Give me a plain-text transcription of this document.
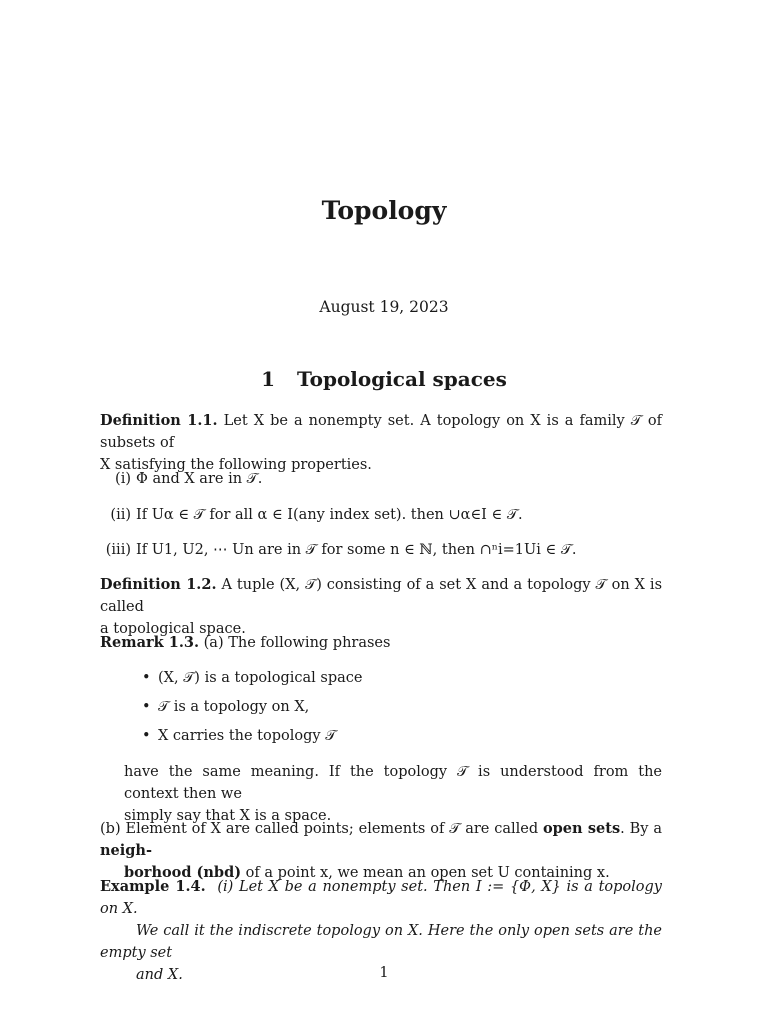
Topology
August 19, 2023
1 Topological spaces
Definition 1.1. Let X be a nonempty set. A topology on X is a family 𝒯 of subsets of
X satisfying the following properties.
(i) Φ and X are in 𝒯.
(ii) If Uα ∈ 𝒯 for all α ∈ I(any index set). then ∪α∈I ∈ 𝒯.
(iii) If U1, U2, ⋯ Un are in 𝒯 for some n ∈ ℕ, then ∩ⁿi=1Ui ∈ 𝒯.
Definition 1.2. A tuple (X, 𝒯) consisting of a set X and a topology 𝒯 on X is called
a topological space.
Remark 1.3. (a) The following phrases
• (X, 𝒯) is a topological space
• 𝒯 is a topology on X,
• X carries the topology 𝒯
have the same meaning. If the topology 𝒯 is understood from the context then we
simply say that X is a space.
(b) Element of X are called points; elements of 𝒯 are called open sets. By a neigh-
borhood (nbd) of a point x, we mean an open set U containing x.
Example 1.4. (i) Let X be a nonempty set. Then I := {Φ, X} is a topology on X.
We call it the indiscrete topology on X. Here the only open sets are the empty set
and X.	1
